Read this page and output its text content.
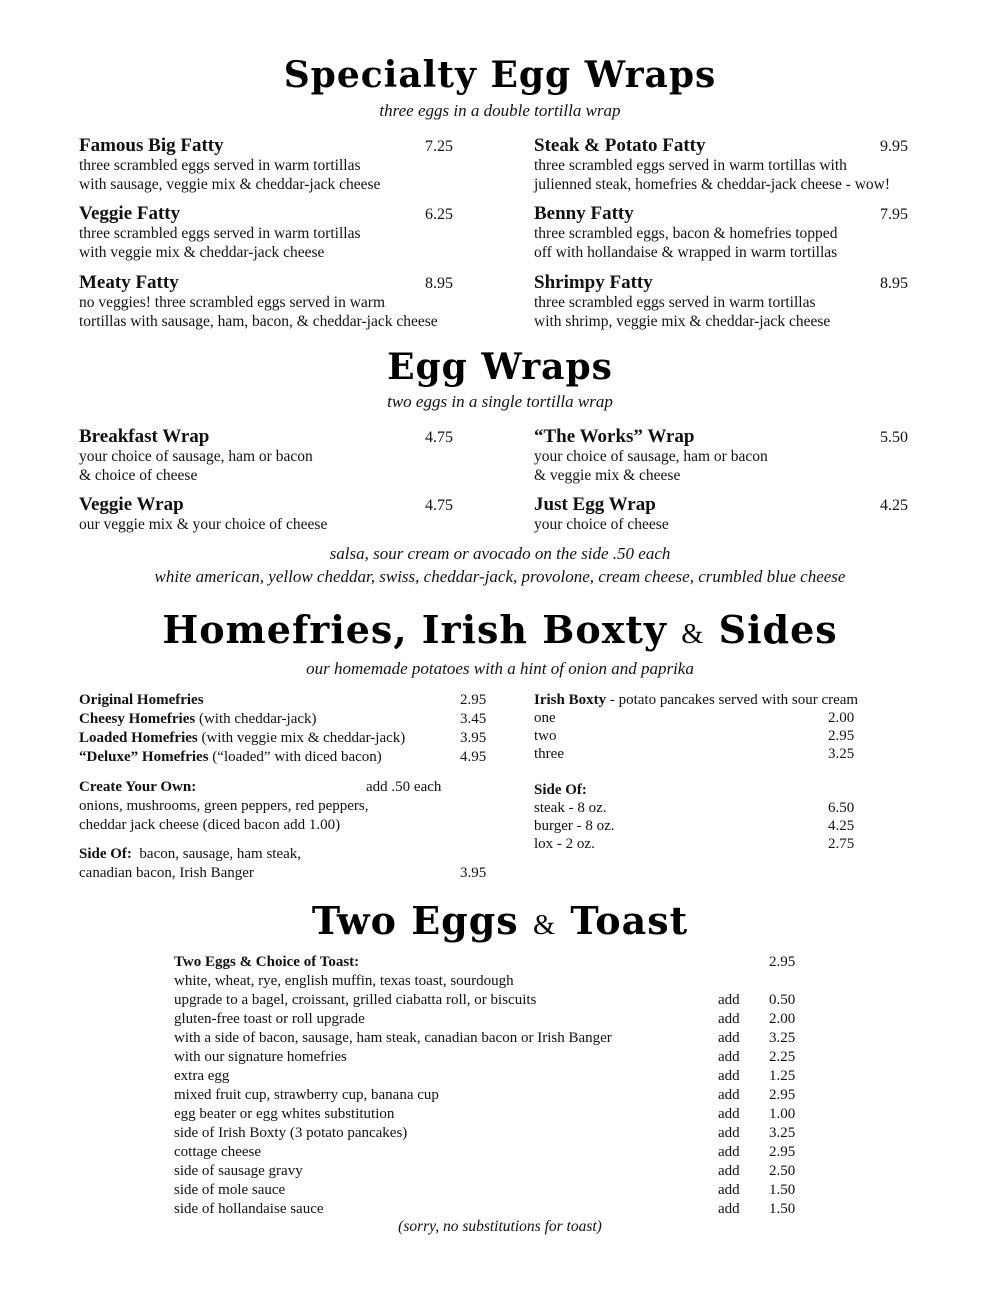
Specialty Egg Wraps
three eggs in a double tortilla wrap
Famous Big Fatty	7.25
three scrambled eggs served in warm tortillas
with sausage, veggie mix & cheddar-jack cheese
Veggie Fatty	6.25
three scrambled eggs served in warm tortillas
with veggie mix & cheddar-jack cheese
Meaty Fatty	8.95
no veggies! three scrambled eggs served in warm
tortillas with sausage, ham, bacon, & cheddar-jack cheese
Steak & Potato Fatty	9.95
three scrambled eggs served in warm tortillas with
julienned steak, homefries & cheddar-jack cheese - wow!
Benny Fatty	7.95
three scrambled eggs, bacon & homefries topped
off with hollandaise & wrapped in warm tortillas
Shrimpy Fatty	8.95
three scrambled eggs served in warm tortillas
with shrimp, veggie mix & cheddar-jack cheese
Egg Wraps
two eggs in a single tortilla wrap
Breakfast Wrap	4.75
your choice of sausage, ham or bacon
& choice of cheese
Veggie Wrap	4.75
our veggie mix & your choice of cheese
“The Works” Wrap	5.50
your choice of sausage, ham or bacon
& veggie mix & cheese
Just Egg Wrap	4.25
your choice of cheese
salsa, sour cream or avocado on the side .50 each
white american, yellow cheddar, swiss, cheddar-jack, provolone, cream cheese, crumbled blue cheese
Homefries, Irish Boxty & Sides
our homemade potatoes with a hint of onion and paprika
Original Homefries	2.95
Cheesy Homefries (with cheddar-jack)	3.45
Loaded Homefries (with veggie mix & cheddar-jack)	3.95
“Deluxe” Homefries (“loaded” with diced bacon)	4.95
Create Your Own:	add .50 each
onions, mushrooms, green peppers, red peppers,
cheddar jack cheese (diced bacon add 1.00)
Side Of:  bacon, sausage, ham steak,
canadian bacon, Irish Banger	3.95
Irish Boxty - potato pancakes served with sour cream
one	2.00
two	2.95
three	3.25
Side Of:
steak - 8 oz.	6.50
burger - 8 oz.	4.25
lox - 2 oz.	2.75
Two Eggs & Toast
Two Eggs & Choice of Toast:	2.95
white, wheat, rye, english muffin, texas toast, sourdough
upgrade to a bagel, croissant, grilled ciabatta roll, or biscuits	add 0.50
gluten-free toast or roll upgrade	add 2.00
with a side of bacon, sausage, ham steak, canadian bacon or Irish Banger	add 3.25
with our signature homefries	add 2.25
extra egg	add 1.25
mixed fruit cup, strawberry cup, banana cup	add 2.95
egg beater or egg whites substitution	add 1.00
side of Irish Boxty (3 potato pancakes)	add 3.25
cottage cheese	add 2.95
side of sausage gravy	add 2.50
side of mole sauce	add 1.50
side of hollandaise sauce	add 1.50
(sorry, no substitutions for toast)
